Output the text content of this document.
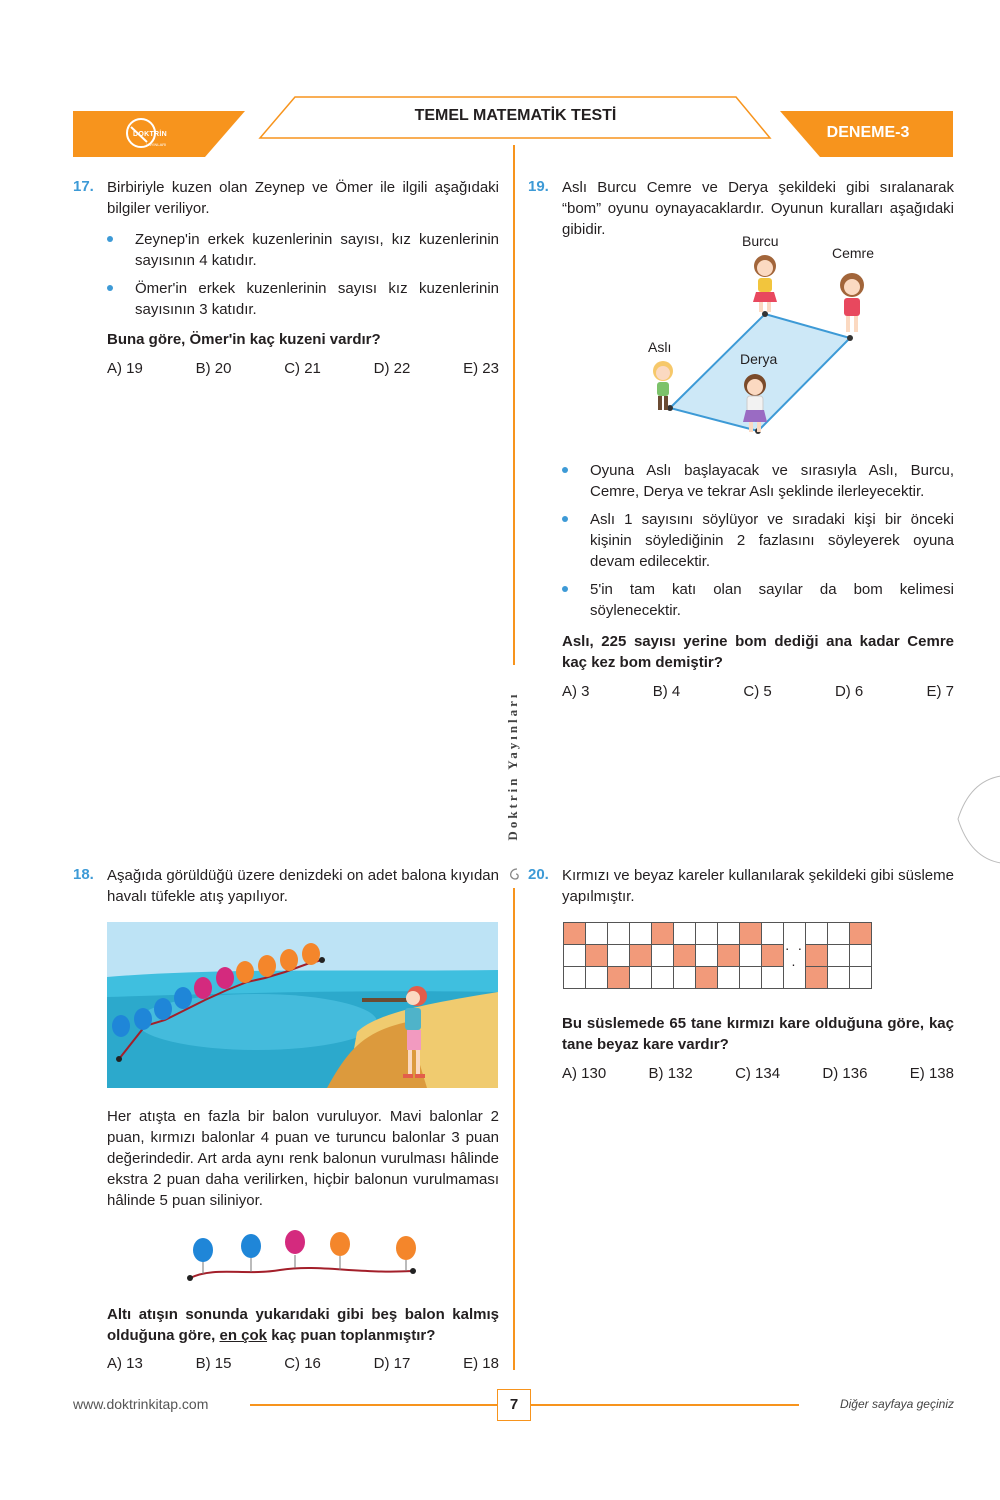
DOKTRİN
YAYINLARI
TEMEL MATEMATİK TESTİ
DENEME-3
Doktrin Yayınları
17. Birbiriyle kuzen olan Zeynep ve Ömer ile ilgili aşağıdaki bilgiler veriliyor.
Zeynep'in erkek kuzenlerinin sayısı, kız kuzenlerinin sayısının 4 katıdır.
Ömer'in erkek kuzenlerinin sayısı kız kuzenlerinin sayısının 3 katıdır.
Buna göre, Ömer'in kaç kuzeni vardır?
A) 19	B) 20	C) 21	D) 22	E) 23
19. Aslı Burcu Cemre ve Derya şekildeki gibi sıralanarak “bom” oyunu oynayacaklardır. Oyunun kuralları aşağıdaki gibidir.
Burcu
Cemre
Aslı
Derya
Oyuna Aslı başlayacak ve sırasıyla Aslı, Burcu, Cemre, Derya ve tekrar Aslı şeklinde ilerleyecektir.
Aslı 1 sayısını söylüyor ve sıradaki kişi bir önceki kişinin söylediğinin 2 fazlasını söyleyerek oyuna devam edilecektir.
5'in tam katı olan sayılar da bom kelimesi söylenecektir.
Aslı, 225 sayısı yerine bom dediği ana kadar Cemre kaç kez bom demiştir?
A) 3	B) 4	C) 5	D) 6	E) 7
18. Aşağıda görüldüğü üzere denizdeki on adet balona kıyıdan havalı tüfekle atış yapılıyor.
Her atışta en fazla bir balon vuruluyor. Mavi balonlar 2 puan, kırmızı balonlar 4 puan ve turuncu balonlar 3 puan değerindedir. Art arda aynı renk balonun vurulması hâlinde ekstra 2 puan daha verilirken, hiçbir balonun vurulmaması hâlinde 5 puan siliniyor.
Altı atışın sonunda yukarıdaki gibi beş balon kalmış olduğuna göre, en çok kaç puan toplanmıştır?
A) 13	B) 15	C) 16	D) 17	E) 18
20. Kırmızı ve beyaz kareler kullanılarak şekildeki gibi süsleme yapılmıştır.
										· · ·			

Bu süslemede 65 tane kırmızı kare olduğuna göre, kaç tane beyaz kare vardır?
A) 130	B) 132	C) 134	D) 136	E) 138
www.doktrinkitap.com	7	Diğer sayfaya geçiniz
